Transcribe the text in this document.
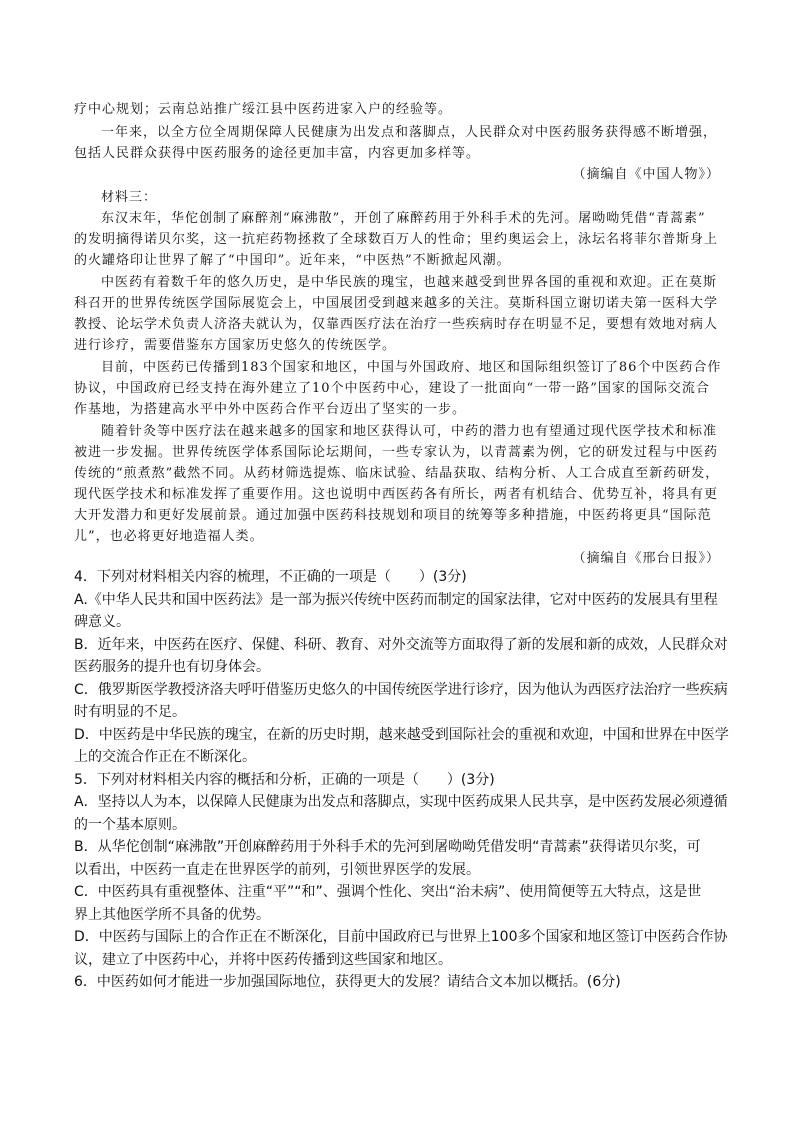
疗中心规划；云南总站推广绥江县中医药进家入户的经验等。
一年来，以全方位全周期保障人民健康为出发点和落脚点，人民群众对中医药服务获得感不断增强，
包括人民群众获得中医药服务的途径更加丰富，内容更加多样等。
（摘编自《中国人物》）
材料三：
东汉末年，华佗创制了麻醉剂“麻沸散”，开创了麻醉药用于外科手术的先河。屠呦呦凭借“青蒿素”
的发明摘得诺贝尔奖，这一抗疟药物拯救了全球数百万人的性命；里约奥运会上，泳坛名将菲尔普斯身上
的火罐烙印让世界了解了“中国印”。近年来，“中医热”不断掀起风潮。
中医药有着数千年的悠久历史，是中华民族的瑰宝，也越来越受到世界各国的重视和欢迎。正在莫斯
科召开的世界传统医学国际展览会上，中国展团受到越来越多的关注。莫斯科国立谢切诺夫第一医科大学
教授、论坛学术负责人济洛夫就认为，仅靠西医疗法在治疗一些疾病时存在明显不足，要想有效地对病人
进行诊疗，需要借鉴东方国家历史悠久的传统医学。
目前，中医药已传播到183个国家和地区，中国与外国政府、地区和国际组织签订了86个中医药合作
协议，中国政府已经支持在海外建立了10个中医药中心，建设了一批面向“一带一路”国家的国际交流合
作基地，为搭建高水平中外中医药合作平台迈出了坚实的一步。
随着针灸等中医疗法在越来越多的国家和地区获得认可，中药的潜力也有望通过现代医学技术和标准
被进一步发掘。世界传统医学体系国际论坛期间，一些专家认为，以青蒿素为例，它的研发过程与中医药
传统的“煎煮熬”截然不同。从药材筛选提炼、临床试验、结晶获取、结构分析、人工合成直至新药研发，
现代医学技术和标准发挥了重要作用。这也说明中西医药各有所长，两者有机结合、优势互补，将具有更
大开发潜力和更好发展前景。通过加强中医药科技规划和项目的统筹等多种措施，中医药将更具“国际范
儿”，也必将更好地造福人类。
（摘编自《邢台日报》）
4．下列对材料相关内容的梳理，不正确的一项是（　　）(3分)
A.《中华人民共和国中医药法》是一部为振兴传统中医药而制定的国家法律，它对中医药的发展具有里程
碑意义。
B．近年来，中医药在医疗、保健、科研、教育、对外交流等方面取得了新的发展和新的成效，人民群众对
医药服务的提升也有切身体会。
C．俄罗斯医学教授济洛夫呼吁借鉴历史悠久的中国传统医学进行诊疗，因为他认为西医疗法治疗一些疾病
时有明显的不足。
D．中医药是中华民族的瑰宝，在新的历史时期，越来越受到国际社会的重视和欢迎，中国和世界在中医学
上的交流合作正在不断深化。
5．下列对材料相关内容的概括和分析，正确的一项是（　　）(3分)
A．坚持以人为本，以保障人民健康为出发点和落脚点，实现中医药成果人民共享，是中医药发展必须遵循
的一个基本原则。
B．从华佗创制“麻沸散”开创麻醉药用于外科手术的先河到屠呦呦凭借发明“青蒿素”获得诺贝尔奖，可
以看出，中医药一直走在世界医学的前列，引领世界医学的发展。
C．中医药具有重视整体、注重“平”“和”、强调个性化、突出“治未病”、使用简便等五大特点，这是世
界上其他医学所不具备的优势。
D．中医药与国际上的合作正在不断深化，目前中国政府已与世界上100多个国家和地区签订中医药合作协
议，建立了中医药中心，并将中医药传播到这些国家和地区。
6．中医药如何才能进一步加强国际地位，获得更大的发展？请结合文本加以概括。(6分)
